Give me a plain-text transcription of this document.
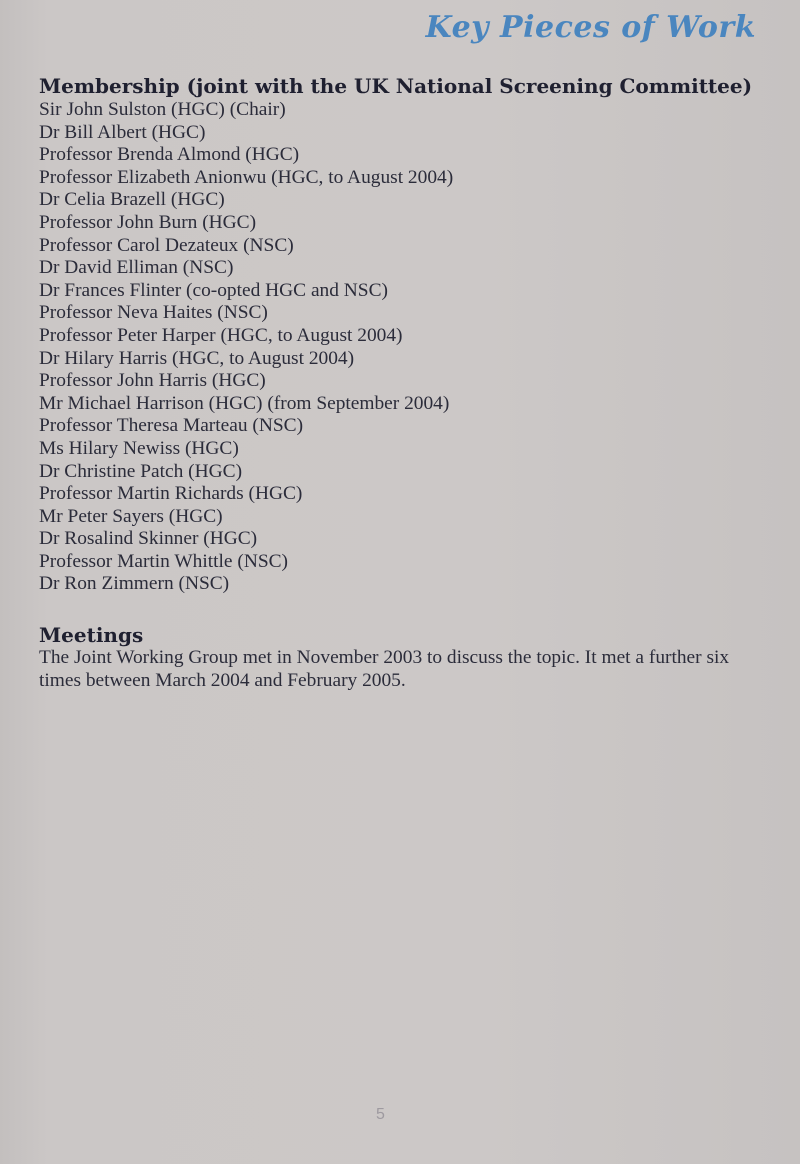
Key Pieces of Work
Membership (joint with the UK National Screening Committee)
Sir John Sulston (HGC) (Chair)
Dr Bill Albert (HGC)
Professor Brenda Almond (HGC)
Professor Elizabeth Anionwu (HGC, to August 2004)
Dr Celia Brazell (HGC)
Professor John Burn (HGC)
Professor Carol Dezateux (NSC)
Dr David Elliman (NSC)
Dr Frances Flinter (co-opted HGC and NSC)
Professor Neva Haites (NSC)
Professor Peter Harper (HGC, to August 2004)
Dr Hilary Harris (HGC, to August 2004)
Professor John Harris (HGC)
Mr Michael Harrison (HGC) (from September 2004)
Professor Theresa Marteau (NSC)
Ms Hilary Newiss (HGC)
Dr Christine Patch (HGC)
Professor Martin Richards (HGC)
Mr Peter Sayers (HGC)
Dr Rosalind Skinner (HGC)
Professor Martin Whittle (NSC)
Dr Ron Zimmern (NSC)
Meetings

The Joint Working Group met in November 2003 to discuss the topic. It met a further six times between March 2004 and February 2005.

5
